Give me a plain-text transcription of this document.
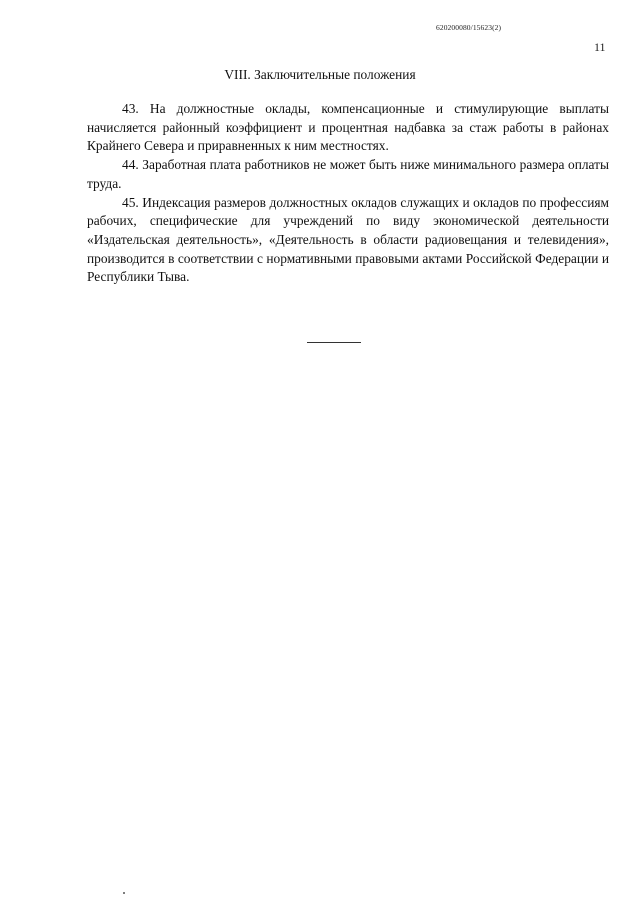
620200080/15623(2)
11
VIII. Заключительные положения

43. На должностные оклады, компенсационные и стимулирующие выплаты начисляется районный коэффициент и процентная надбавка за стаж работы в районах Крайнего Севера и приравненных к ним местностях.

44. Заработная плата работников не может быть ниже минимального размера оплаты труда.

45. Индексация размеров должностных окладов служащих и окладов по профессиям рабочих, специфические для учреждений по виду экономической деятельности «Издательская деятельность», «Деятельность в области радиовещания и телевидения», производится в соответствии с нормативными правовыми актами Российской Федерации и Республики Тыва.
